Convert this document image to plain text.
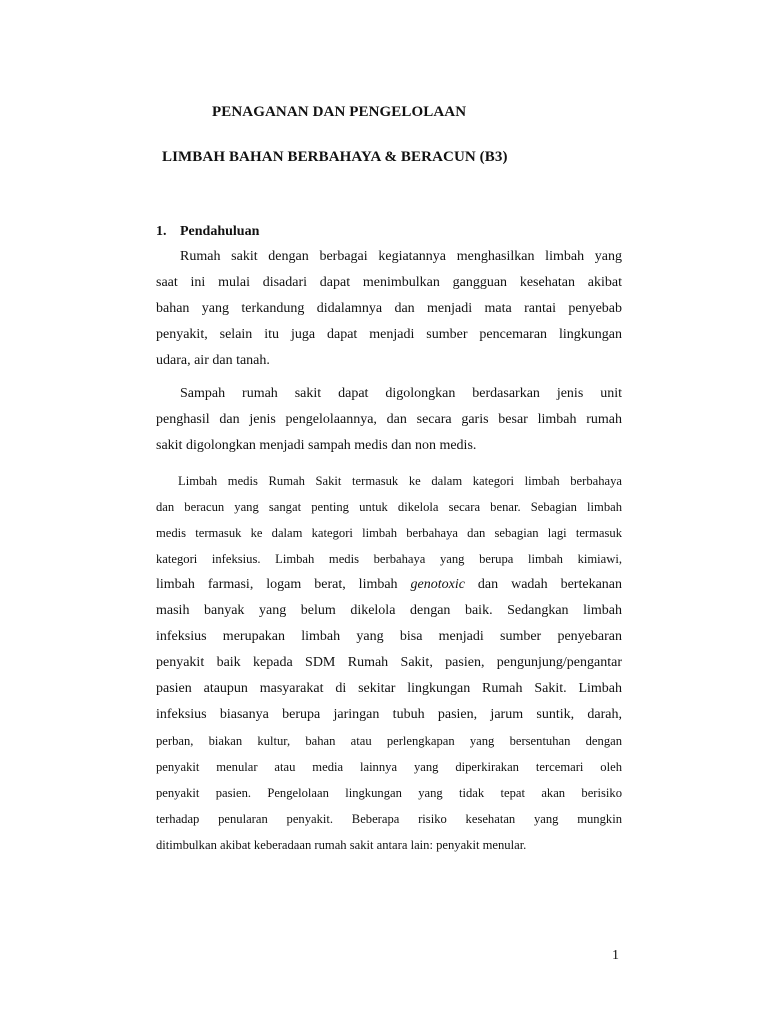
PENAGANAN DAN PENGELOLAAN
LIMBAH BAHAN BERBAHAYA & BERACUN (B3)
1. Pendahuluan

Rumah sakit dengan berbagai kegiatannya menghasilkan limbah yang
saat ini mulai disadari dapat menimbulkan gangguan kesehatan akibat
bahan yang terkandung didalamnya dan menjadi mata rantai penyebab
penyakit, selain itu juga dapat menjadi sumber pencemaran lingkungan
udara, air dan tanah.

Sampah rumah sakit dapat digolongkan berdasarkan jenis unit
penghasil dan jenis pengelolaannya, dan secara garis besar limbah rumah
sakit digolongkan menjadi sampah medis dan non medis.

Limbah medis Rumah Sakit termasuk ke dalam kategori limbah berbahaya
dan beracun yang sangat penting untuk dikelola secara benar. Sebagian limbah
medis termasuk ke dalam kategori limbah berbahaya dan sebagian lagi termasuk
kategori infeksius. Limbah medis berbahaya yang berupa limbah kimiawi,
limbah farmasi, logam berat, limbah genotoxic dan wadah bertekanan
masih banyak yang belum dikelola dengan baik. Sedangkan limbah
infeksius merupakan limbah yang bisa menjadi sumber penyebaran
penyakit baik kepada SDM Rumah Sakit, pasien, pengunjung/pengantar
pasien ataupun masyarakat di sekitar lingkungan Rumah Sakit. Limbah
infeksius biasanya berupa jaringan tubuh pasien, jarum suntik, darah,
perban, biakan kultur, bahan atau perlengkapan yang bersentuhan dengan
penyakit menular atau media lainnya yang diperkirakan tercemari oleh
penyakit pasien. Pengelolaan lingkungan yang tidak tepat akan berisiko
terhadap penularan penyakit. Beberapa risiko kesehatan yang mungkin
ditimbulkan akibat keberadaan rumah sakit antara lain: penyakit menular.

1
